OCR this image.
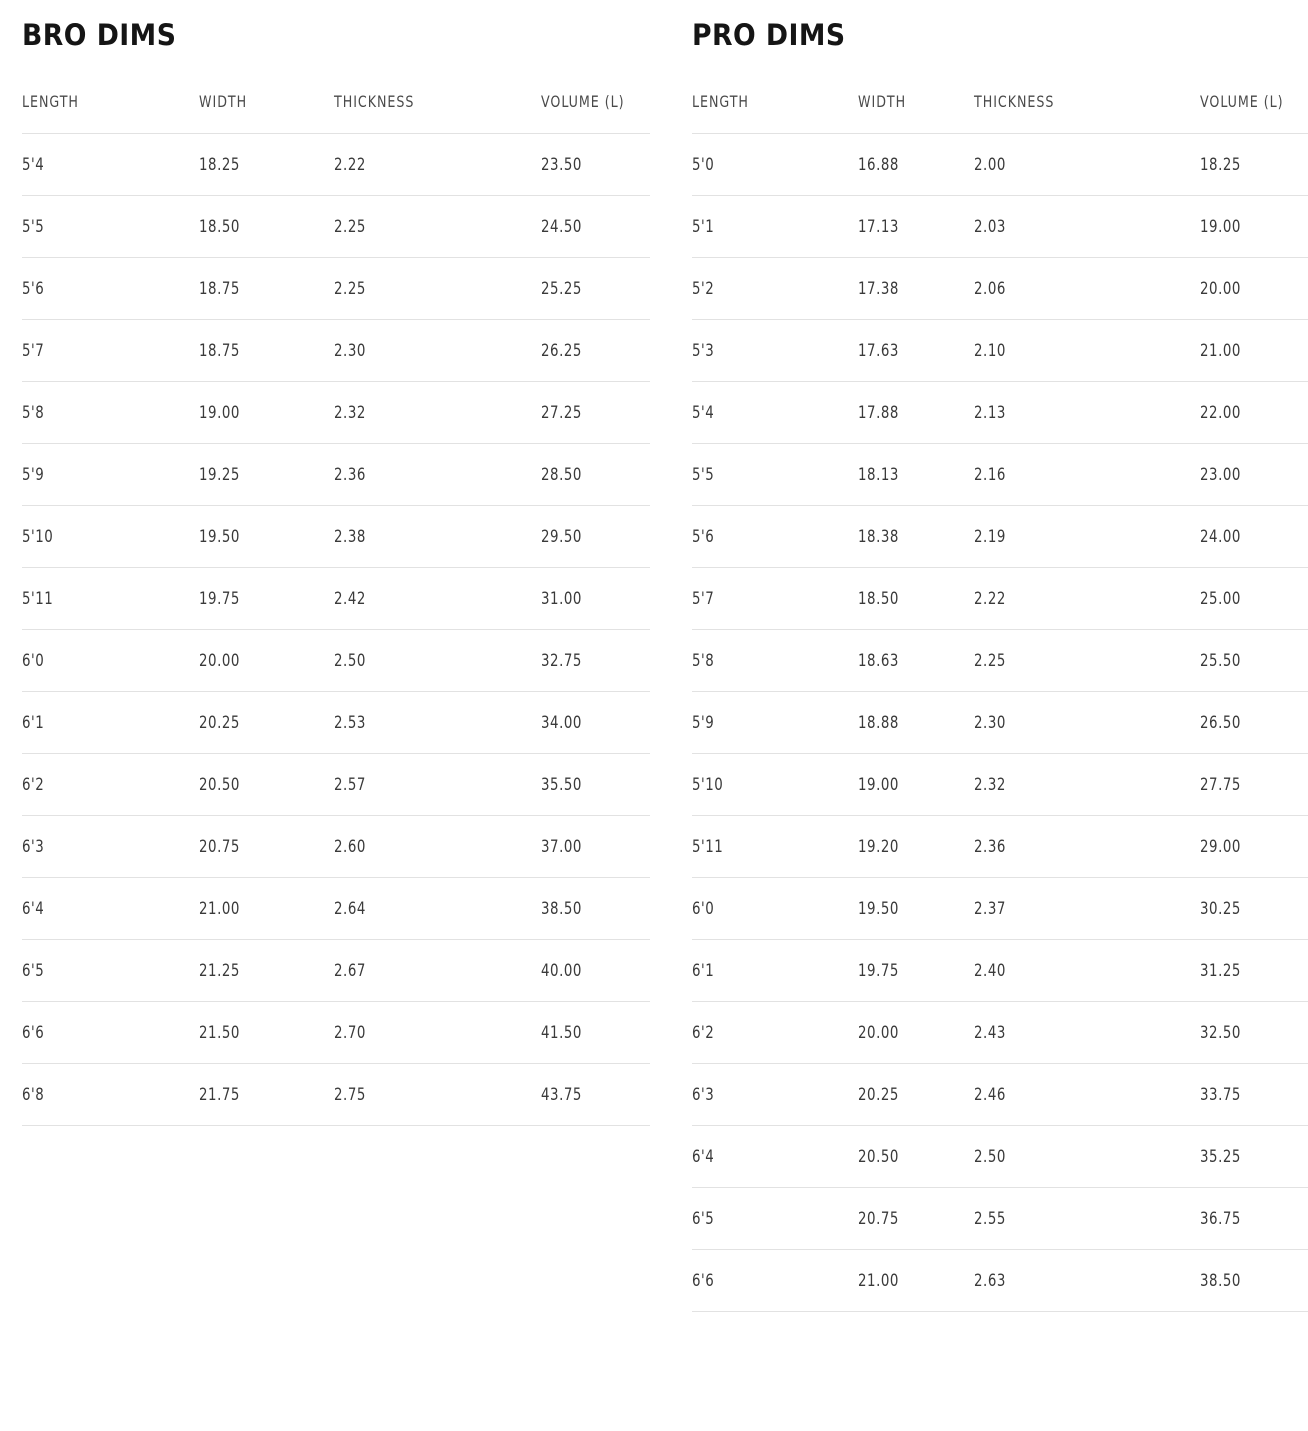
BRO DIMS
LENGTH	WIDTH	THICKNESS	VOLUME (L)
5'4	18.25	2.22	23.50
5'5	18.50	2.25	24.50
5'6	18.75	2.25	25.25
5'7	18.75	2.30	26.25
5'8	19.00	2.32	27.25
5'9	19.25	2.36	28.50
5'10	19.50	2.38	29.50
5'11	19.75	2.42	31.00
6'0	20.00	2.50	32.75
6'1	20.25	2.53	34.00
6'2	20.50	2.57	35.50
6'3	20.75	2.60	37.00
6'4	21.00	2.64	38.50
6'5	21.25	2.67	40.00
6'6	21.50	2.70	41.50
6'8	21.75	2.75	43.75
PRO DIMS
LENGTH	WIDTH	THICKNESS	VOLUME (L)
5'0	16.88	2.00	18.25
5'1	17.13	2.03	19.00
5'2	17.38	2.06	20.00
5'3	17.63	2.10	21.00
5'4	17.88	2.13	22.00
5'5	18.13	2.16	23.00
5'6	18.38	2.19	24.00
5'7	18.50	2.22	25.00
5'8	18.63	2.25	25.50
5'9	18.88	2.30	26.50
5'10	19.00	2.32	27.75
5'11	19.20	2.36	29.00
6'0	19.50	2.37	30.25
6'1	19.75	2.40	31.25
6'2	20.00	2.43	32.50
6'3	20.25	2.46	33.75
6'4	20.50	2.50	35.25
6'5	20.75	2.55	36.75
6'6	21.00	2.63	38.50
